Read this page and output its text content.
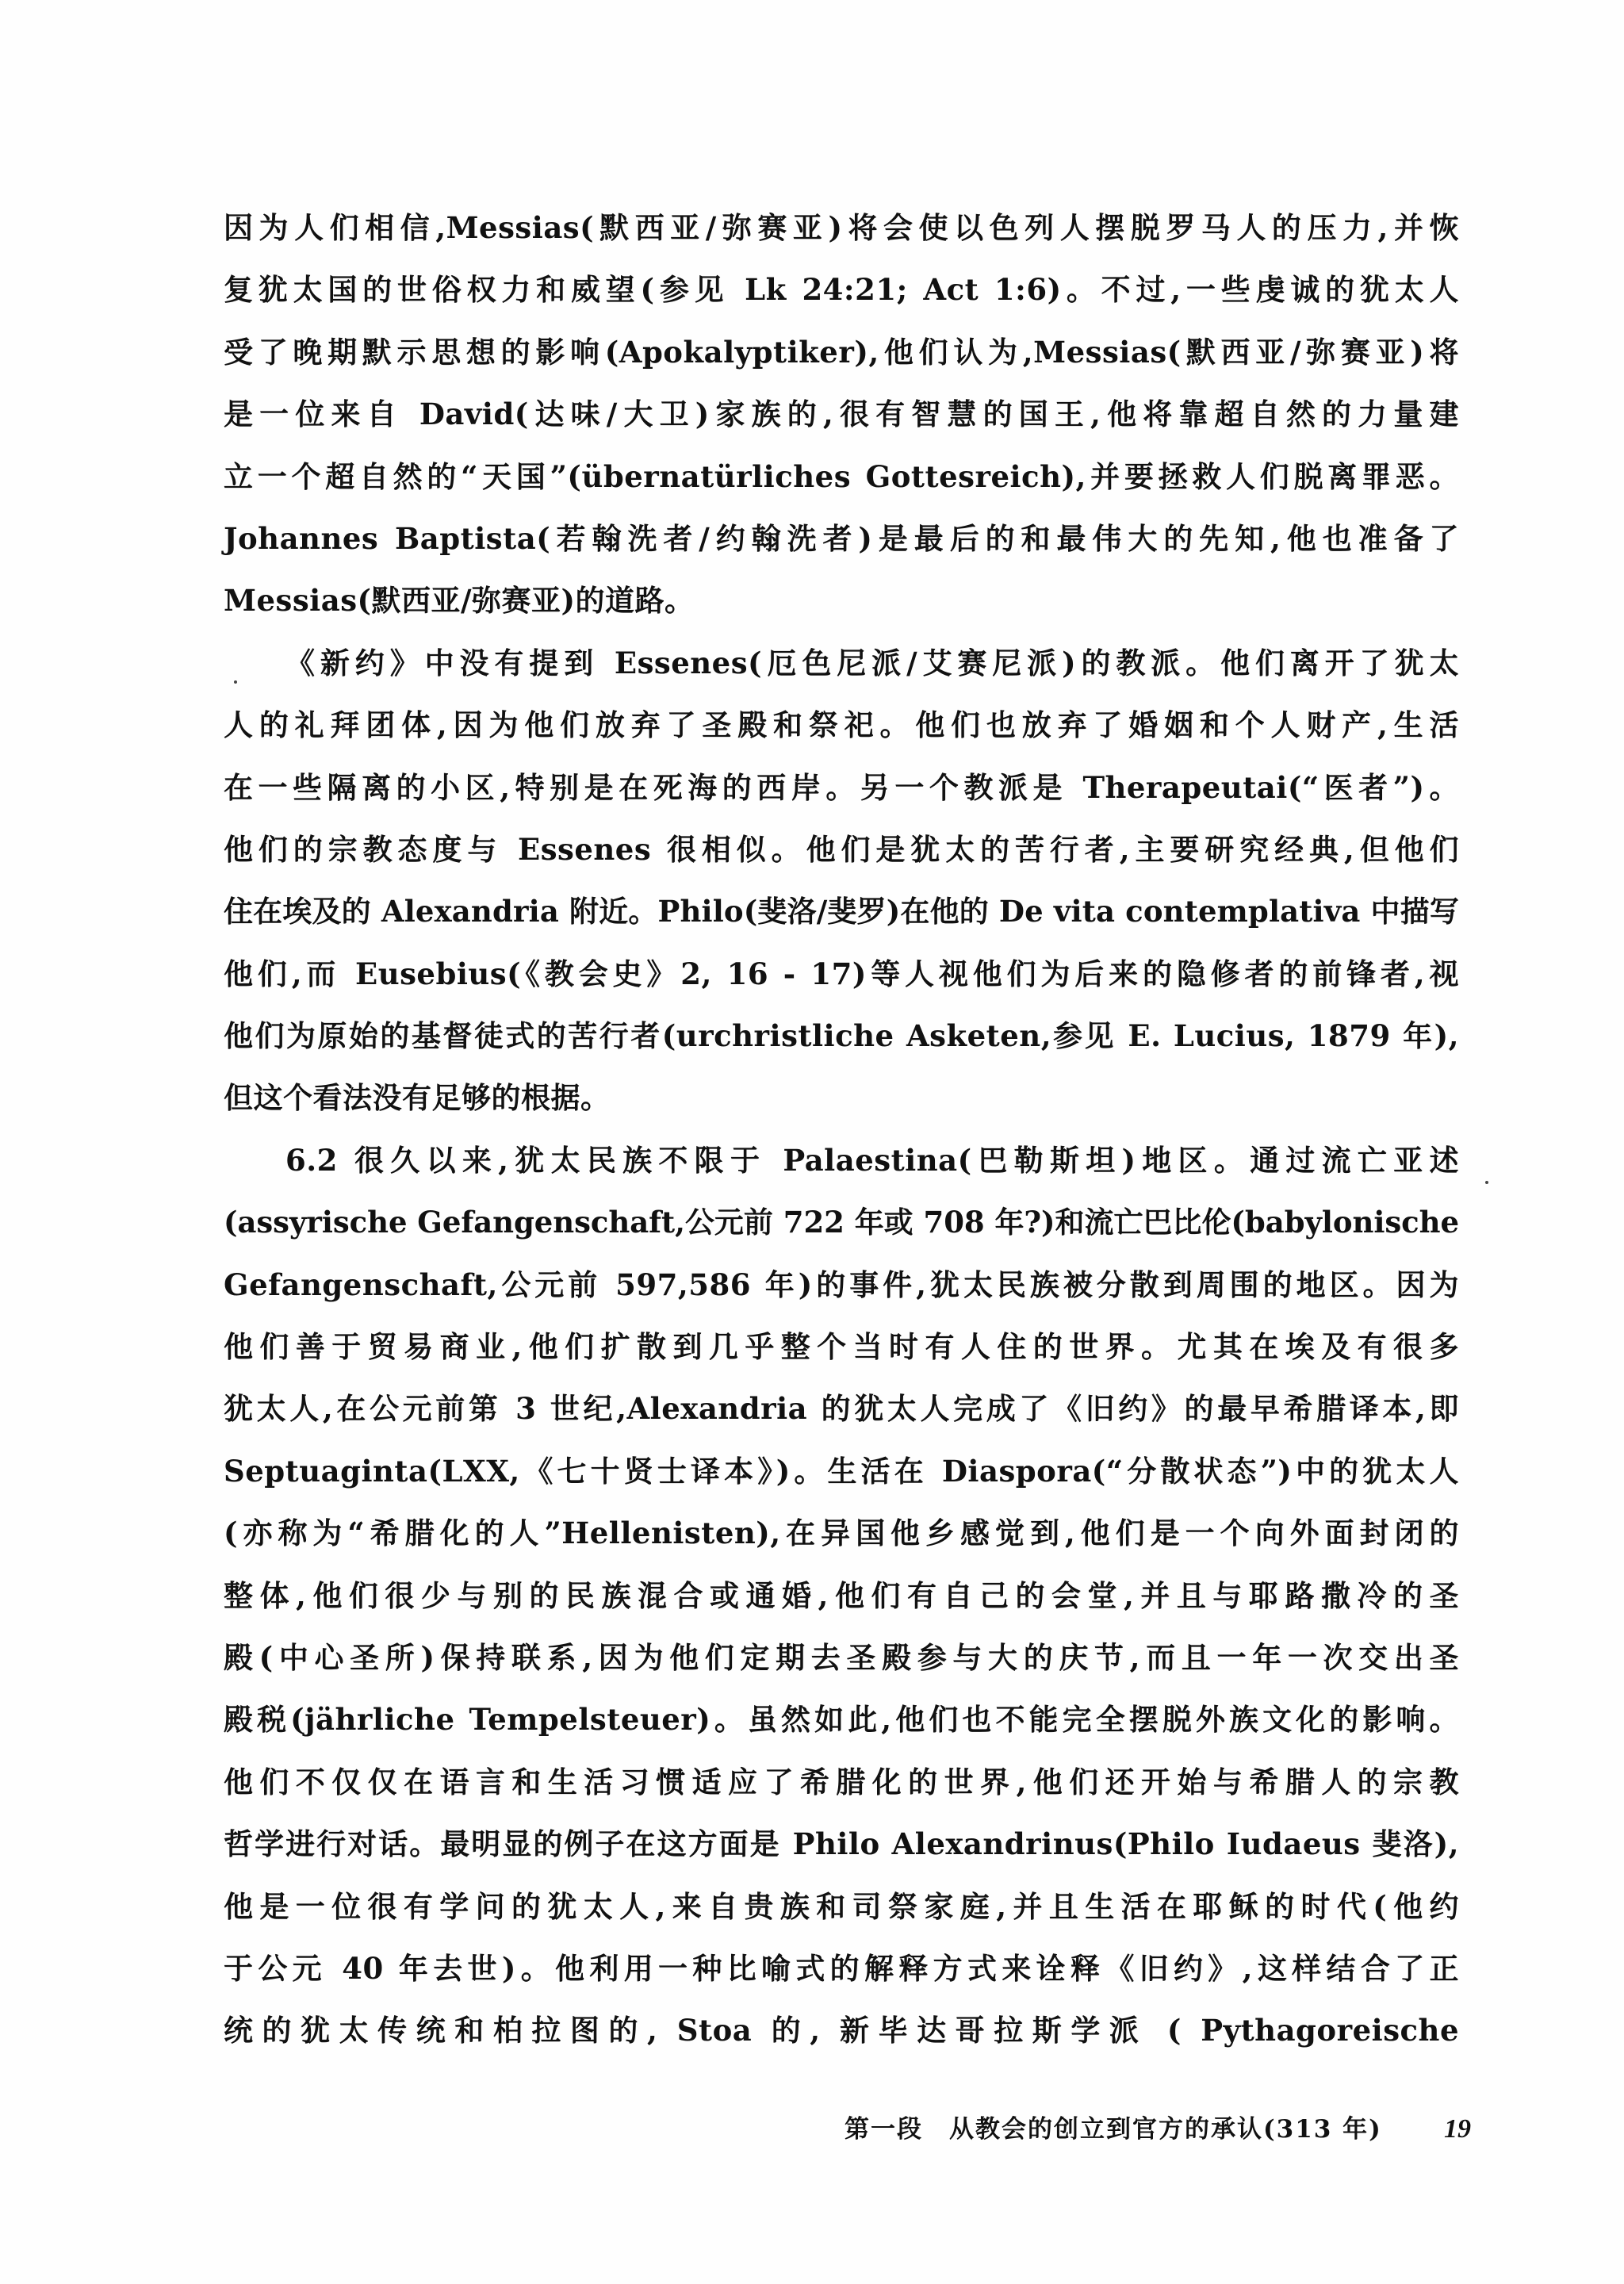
因为人们相信,Messias(默西亚/弥赛亚)将会使以色列人摆脱罗马人的压力,并恢
复犹太国的世俗权力和威望(参见 Lk 24:21; Act 1:6)。不过,一些虔诚的犹太人
受了晚期默示思想的影响(Apokalyptiker),他们认为,Messias(默西亚/弥赛亚)将
是一位来自 David(达味/大卫)家族的,很有智慧的国王,他将靠超自然的力量建
立一个超自然的“天国”(übernatürliches Gottesreich),并要拯救人们脱离罪恶。
Johannes Baptista(若翰洗者/约翰洗者)是最后的和最伟大的先知,他也准备了
Messias(默西亚/弥赛亚)的道路。
《新约》中没有提到 Essenes(厄色尼派/艾赛尼派)的教派。他们离开了犹太
人的礼拜团体,因为他们放弃了圣殿和祭祀。他们也放弃了婚姻和个人财产,生活
在一些隔离的小区,特别是在死海的西岸。另一个教派是 Therapeutai(“医者”)。
他们的宗教态度与 Essenes 很相似。他们是犹太的苦行者,主要研究经典,但他们
住在埃及的 Alexandria 附近。Philo(斐洛/斐罗)在他的 De vita contemplativa 中描写
他们,而 Eusebius(《教会史》2, 16 - 17)等人视他们为后来的隐修者的前锋者,视
他们为原始的基督徒式的苦行者(urchristliche Asketen,参见 E. Lucius, 1879 年),
但这个看法没有足够的根据。
6.2 很久以来,犹太民族不限于 Palaestina(巴勒斯坦)地区。通过流亡亚述
(assyrische Gefangenschaft,公元前 722 年或 708 年?)和流亡巴比伦(babylonische
Gefangenschaft,公元前 597,586 年)的事件,犹太民族被分散到周围的地区。因为
他们善于贸易商业,他们扩散到几乎整个当时有人住的世界。尤其在埃及有很多
犹太人,在公元前第 3 世纪,Alexandria 的犹太人完成了《旧约》的最早希腊译本,即
Septuaginta(LXX,《七十贤士译本》)。生活在 Diaspora(“分散状态”)中的犹太人
(亦称为“希腊化的人”Hellenisten),在异国他乡感觉到,他们是一个向外面封闭的
整体,他们很少与别的民族混合或通婚,他们有自己的会堂,并且与耶路撒冷的圣
殿(中心圣所)保持联系,因为他们定期去圣殿参与大的庆节,而且一年一次交出圣
殿税(jährliche Tempelsteuer)。虽然如此,他们也不能完全摆脱外族文化的影响。
他们不仅仅在语言和生活习惯适应了希腊化的世界,他们还开始与希腊人的宗教
哲学进行对话。最明显的例子在这方面是 Philo Alexandrinus(Philo Iudaeus 斐洛),
他是一位很有学问的犹太人,来自贵族和司祭家庭,并且生活在耶稣的时代(他约
于公元 40 年去世)。他利用一种比喻式的解释方式来诠释《旧约》,这样结合了正
统的犹太传统和柏拉图的, Stoa 的, 新毕达哥拉斯学派 ( Pythagoreische
第一段　从教会的创立到官方的承认(313 年) 19
